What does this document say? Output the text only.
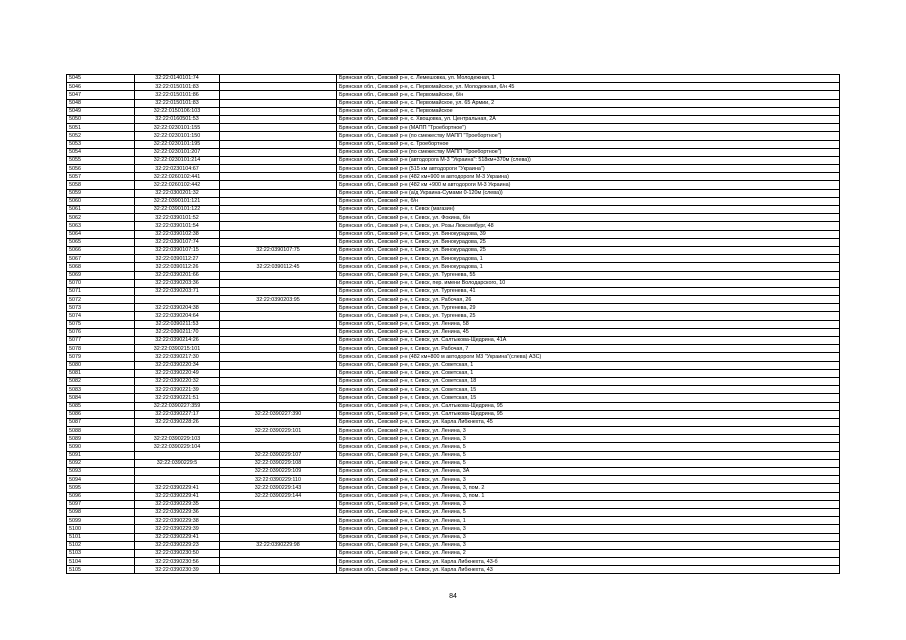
5045	32:22:0140101:74		Брянская обл., Севский р-н, с. Лемешовка, ул. Молодежная, 1
5046	32:22:0150101:83		Брянская обл., Севский р-н, с. Первомайское, ул. Молодежная, 6/н 45
5047	32:22:0150101:86		Брянская обл., Севский р-н, с. Первомайское, б/н
5048	32:22:0150101:83		Брянская обл., Севский р-н, с. Первомайское, ул. 65 Армии, 2
5049	32:22:0150106:103		Брянская обл., Севский р-н, с. Первомайское
5050	32:22:0160501:53		Брянская обл., Севский р-н, с. Хвощовка, ул. Центральная, 2А
5051	32:22:0230101:155		Брянская обл., Севский р-н (МАПП "Троебортное")
5052	32:22:0230101:150		Брянская обл., Севский р-н (по смежеству МАПП "Троебортное")
5053	32:22:0230101:195		Брянская обл., Севский р-н, с. Троебортное
5054	32:22:0230101:207		Брянская обл., Севский р-н (по смежеству МАПП "Троебортное")
5055	32:22:0230101:214		Брянская обл., Севский р-н (автодорога М-3 "Украина": 518км+370м (слева))
5056	32:22:0230104:67		Брянская обл., Севский р-н (515 км автодороги "Украина")
5057	32:22:0260102:441		Брянская обл., Севский р-н (482 км+900 м автодороги М-3 Украина)
5058	32:22:0260102:442		Брянская обл., Севский р-н (482 км +900 м автодороги М-3 Украина)
5059	32:22:0300201:32		Брянская обл., Севский р-н (а/д Украина-Сумами 0-120м (слева))
5060	32:22:0390101:121		Брянская обл., Севский р-н, б/н
5061	32:22:0390101:122		Брянская обл., Севский р-н, г. Севск (магазин)
5062	32:22:0390101:52		Брянская обл., Севский р-н, г. Севск, ул. Фокина, б/н
5063	32:22:0390101:54		Брянская обл., Севский р-н, г. Севск, ул. Розы Люксембург, 48
5064	32:22:0390102:38		Брянская обл., Севский р-н, г. Севск, ул. Винокурадова, 39
5065	32:22:0390107:74		Брянская обл., Севский р-н, г. Севск, ул. Винокурадова, 25
5066	32:22:0390107:15	32:22:0390107:75	Брянская обл., Севский р-н, г. Севск, ул. Винокурадова, 25
5067	32:22:0390112:27		Брянская обл., Севский р-н, г. Севск, ул. Винокурадова, 1
5068	32:22:0390112:26	32:22:0390112:45	Брянская обл., Севский р-н, г. Севск, ул. Винокурадова, 1
5069	32:22:0390201:66		Брянская обл., Севский р-н, г. Севск, ул. Тургенева, 55
5070	32:22:0390203:36		Брянская обл., Севский р-н, г. Севск, пер. имени Володарского, 10
5071	32:22:0390203:71		Брянская обл., Севский р-н, г. Севск, ул. Тургенева, 41
5072		32:22:0390203:95	Брянская обл., Севский р-н, г. Севск, ул. Рабочая, 26
5073	32:22:0390204:38		Брянская обл., Севский р-н, г. Севск, ул. Тургенева, 29
5074	32:22:0390204:64		Брянская обл., Севский р-н, г. Севск, ул. Тургенева, 25
5075	32:22:0390211:53		Брянская обл., Севский р-н, г. Севск, ул. Ленина, 58
5076	32:22:0390211:70		Брянская обл., Севский р-н, г. Севск, ул. Ленина, 45
5077	32:22:0390214:26		Брянская обл., Севский р-н, г. Севск, ул. Салтыкова-Щедрина, 41А
5078	32:22:0390215:101		Брянская обл., Севский р-н, г. Севск, ул. Рабочая, 7
5079	32:22:0390217:30		Брянская обл., Севский р-н (482 км+800 м автодороги М3 "Украина"(слева) АЗС)
5080	32:22:0390220:34		Брянская обл., Севский р-н, г. Севск, ул. Советская, 1
5081	32:22:0390220:49		Брянская обл., Севский р-н, г. Севск, ул. Советская, 1
5082	32:22:0390220:32		Брянская обл., Севский р-н, г. Севск, ул. Советская, 18
5083	32:22:0390221:39		Брянская обл., Севский р-н, г. Севск, ул. Советская, 15
5084	32:22:0390221:51		Брянская обл., Севский р-н, г. Севск, ул. Советская, 15
5085	32:22:0390227:359		Брянская обл., Севский р-н, г. Севск, ул. Салтыкова-Щедрина, 95
5086	32:22:0390227:17	32:22:0390227:390	Брянская обл., Севский р-н, г. Севск, ул. Салтыкова-Щедрина, 95
5087	32:22:0390228:26		Брянская обл., Севский р-н, г. Севск, ул. Карла Либкнехта, 45
5088		32:22:0390229:101	Брянская обл., Севский р-н, г. Севск, ул. Ленина, 3
5089	32:22:0390229:103		Брянская обл., Севский р-н, г. Севск, ул. Ленина, 3
5090	32:22:0390229:104		Брянская обл., Севский р-н, г. Севск, ул. Ленина, 5
5091		32:22:0390229:107	Брянская обл., Севский р-н, г. Севск, ул. Ленина, 5
5092	32:22:0390229:5	32:22:0390229:108	Брянская обл., Севский р-н, г. Севск, ул. Ленина, 5
5093		32:22:0390229:109	Брянская обл., Севский р-н, г. Севск, ул. Ленина, 3А
5094		32:22:0390229:110	Брянская обл., Севский р-н, г. Севск, ул. Ленина, 3
5095	32:22:0390229:41	32:22:0390229:143	Брянская обл., Севский р-н, г. Севск, ул. Ленина, 3, пом. 2
5096	32:22:0390229:41	32:22:0390229:144	Брянская обл., Севский р-н, г. Севск, ул. Ленина, 3, пом. 1
5097	32:22:0390229:35		Брянская обл., Севский р-н, г. Севск, ул. Ленина, 3
5098	32:22:0390229:36		Брянская обл., Севский р-н, г. Севск, ул. Ленина, 5
5099	32:22:0390229:38		Брянская обл., Севский р-н, г. Севск, ул. Ленина, 1
5100	32:22:0390229:39		Брянская обл., Севский р-н, г. Севск, ул. Ленина, 3
5101	32:22:0390229:41		Брянская обл., Севский р-н, г. Севск, ул. Ленина, 3
5102	32:22:0390229:23	32:22:0390229:98	Брянская обл., Севский р-н, г. Севск, ул. Ленина, 3
5103	32:22:0390230:50		Брянская обл., Севский р-н, г. Севск, ул. Ленина, 2
5104	32:22:0390230:56		Брянская обл., Севский р-н, г. Севск, ул. Карла Либкнехта, 43-б
5105	32:22:0390230:39		Брянская обл., Севский р-н, г. Севск, ул. Карла Либкнехта, 43
84
